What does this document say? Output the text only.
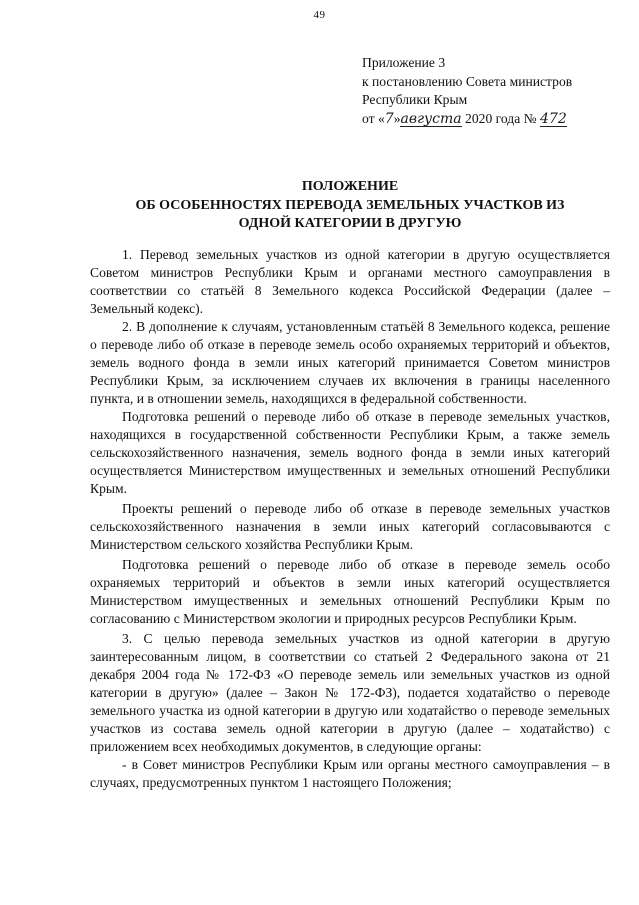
49
Приложение 3
к постановлению Совета министров
Республики Крым
от «7»августа 2020 года № 472
ПОЛОЖЕНИЕ
ОБ ОСОБЕННОСТЯХ ПЕРЕВОДА ЗЕМЕЛЬНЫХ УЧАСТКОВ ИЗ
ОДНОЙ КАТЕГОРИИ В ДРУГУЮ

1. Перевод земельных участков из одной категории в другую осуществляется Советом министров Республики Крым и органами местного самоуправления в соответствии со статьёй 8 Земельного кодекса Российской Федерации (далее – Земельный кодекс).

2. В дополнение к случаям, установленным статьёй 8 Земельного кодекса, решение о переводе либо об отказе в переводе земель особо охраняемых территорий и объектов, земель водного фонда в земли иных категорий принимается Советом министров Республики Крым, за исключением случаев их включения в границы населенного пункта, и в отношении земель, находящихся в федеральной собственности.

Подготовка решений о переводе либо об отказе в переводе земельных участков, находящихся в государственной собственности Республики Крым, а также земель сельскохозяйственного назначения, земель водного фонда в земли иных категорий осуществляется Министерством имущественных и земельных отношений Республики Крым.

Проекты решений о переводе либо об отказе в переводе земельных участков сельскохозяйственного назначения в земли иных категорий согласовываются с Министерством сельского хозяйства Республики Крым.

Подготовка решений о переводе либо об отказе в переводе земель особо охраняемых территорий и объектов в земли иных категорий осуществляется Министерством имущественных и земельных отношений Республики Крым по согласованию с Министерством экологии и природных ресурсов Республики Крым.

3. С целью перевода земельных участков из одной категории в другую заинтересованным лицом, в соответствии со статьей 2 Федерального закона от 21 декабря 2004 года № 172-ФЗ «О переводе земель или земельных участков из одной категории в другую» (далее – Закон № 172-ФЗ), подается ходатайство о переводе земельного участка из одной категории в другую или ходатайство о переводе земельных участков из состава земель одной категории в другую (далее – ходатайство) с приложением всех необходимых документов, в следующие органы:

- в Совет министров Республики Крым или органы местного самоуправления – в случаях, предусмотренных пунктом 1 настоящего Положения;
